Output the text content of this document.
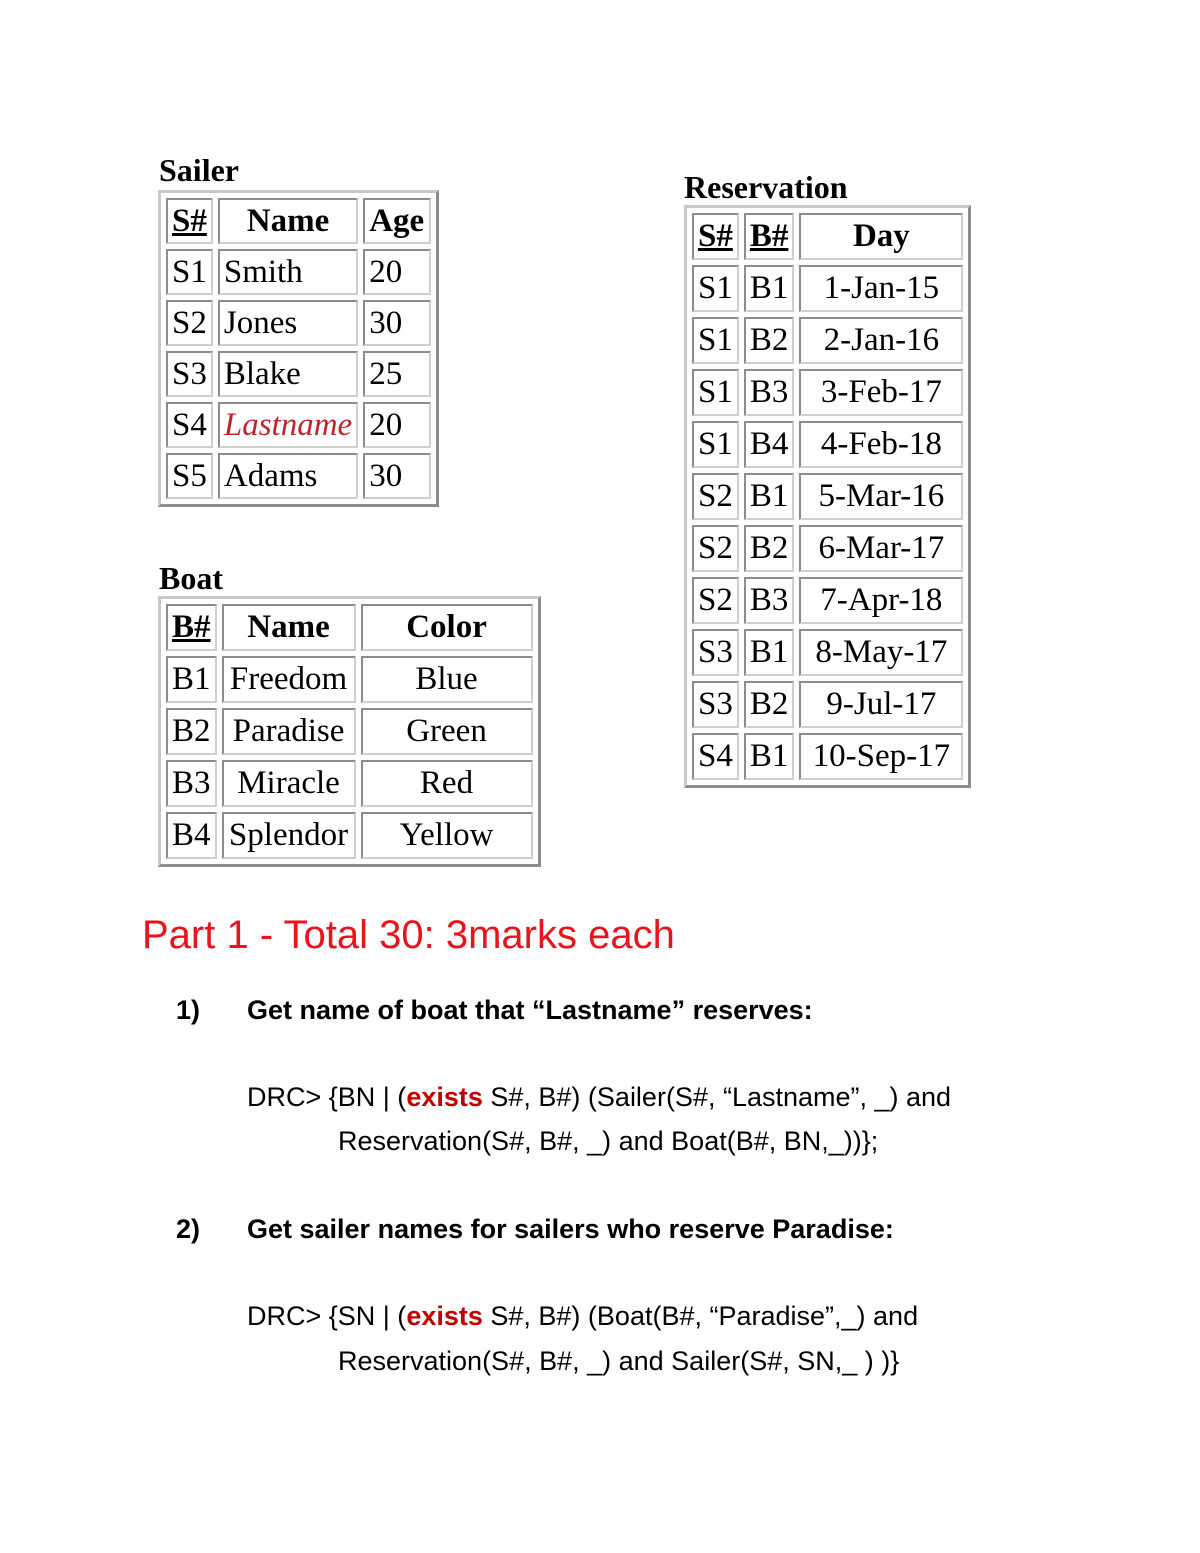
Sailer
S#	Name	Age
S1	Smith	20
S2	Jones	30
S3	Blake	25
S4	Lastname	20
S5	Adams	30
Boat
B#	Name	Color
B1	Freedom	Blue
B2	Paradise	Green
B3	Miracle	Red
B4	Splendor	Yellow
Reservation
S#	B#	Day
S1	B1	1-Jan-15
S1	B2	2-Jan-16
S1	B3	3-Feb-17
S1	B4	4-Feb-18
S2	B1	5-Mar-16
S2	B2	6-Mar-17
S2	B3	7-Apr-18
S3	B1	8-May-17
S3	B2	9-Jul-17
S4	B1	10-Sep-17
Part 1 - Total 30: 3marks each
1) Get name of boat that “Lastname” reserves:
DRC> {BN | (exists S#, B#) (Sailer(S#, “Lastname”, _) and
Reservation(S#, B#, _) and Boat(B#, BN,_))};
2) Get sailer names for sailers who reserve Paradise:
DRC> {SN | (exists S#, B#) (Boat(B#, “Paradise”,_) and
Reservation(S#, B#, _) and Sailer(S#, SN,_ ) )}
